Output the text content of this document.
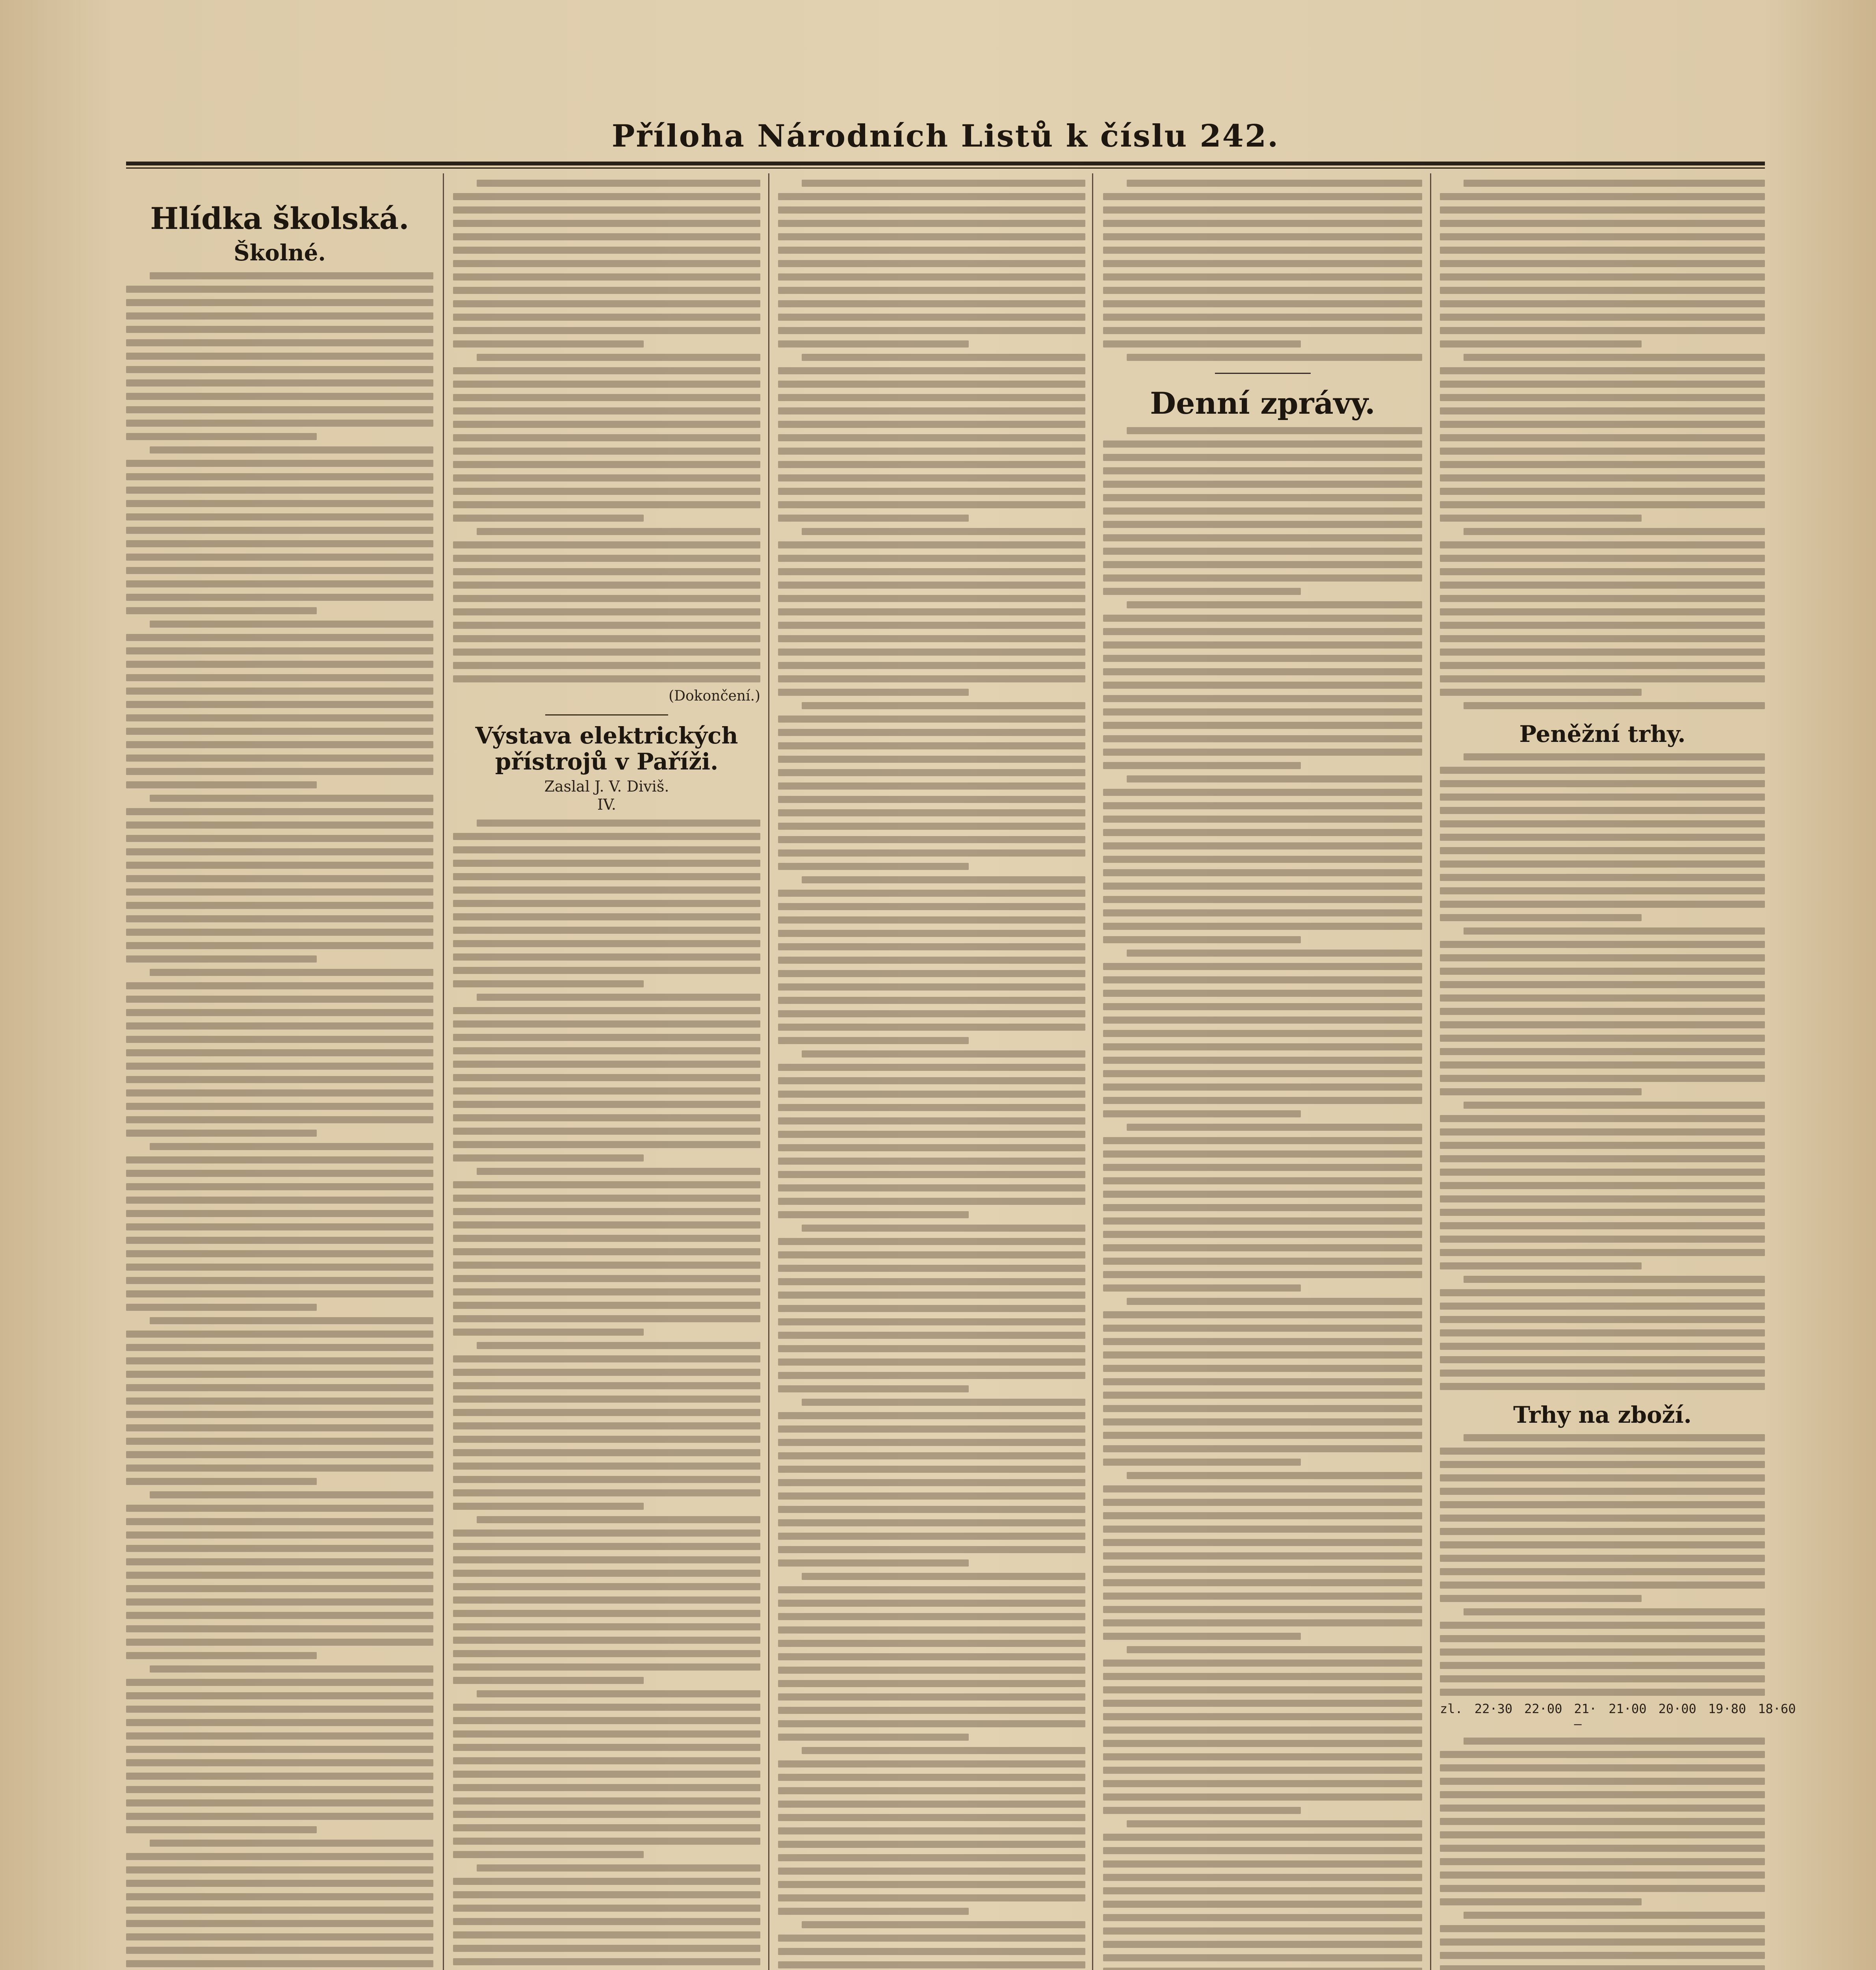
Příloha Národních Listů k číslu 242.
Hlídka školská.
Školné.
(Dokončení.)
Výstava elektrických přístrojů v Paříži.
Zaslal J. V. Diviš.
IV.
Denní zprávy.
Peněžní trhy.
Trhy na zboží.
zl. 22·30 22·00 21·—
21·00 20·00 19·80 18·60
